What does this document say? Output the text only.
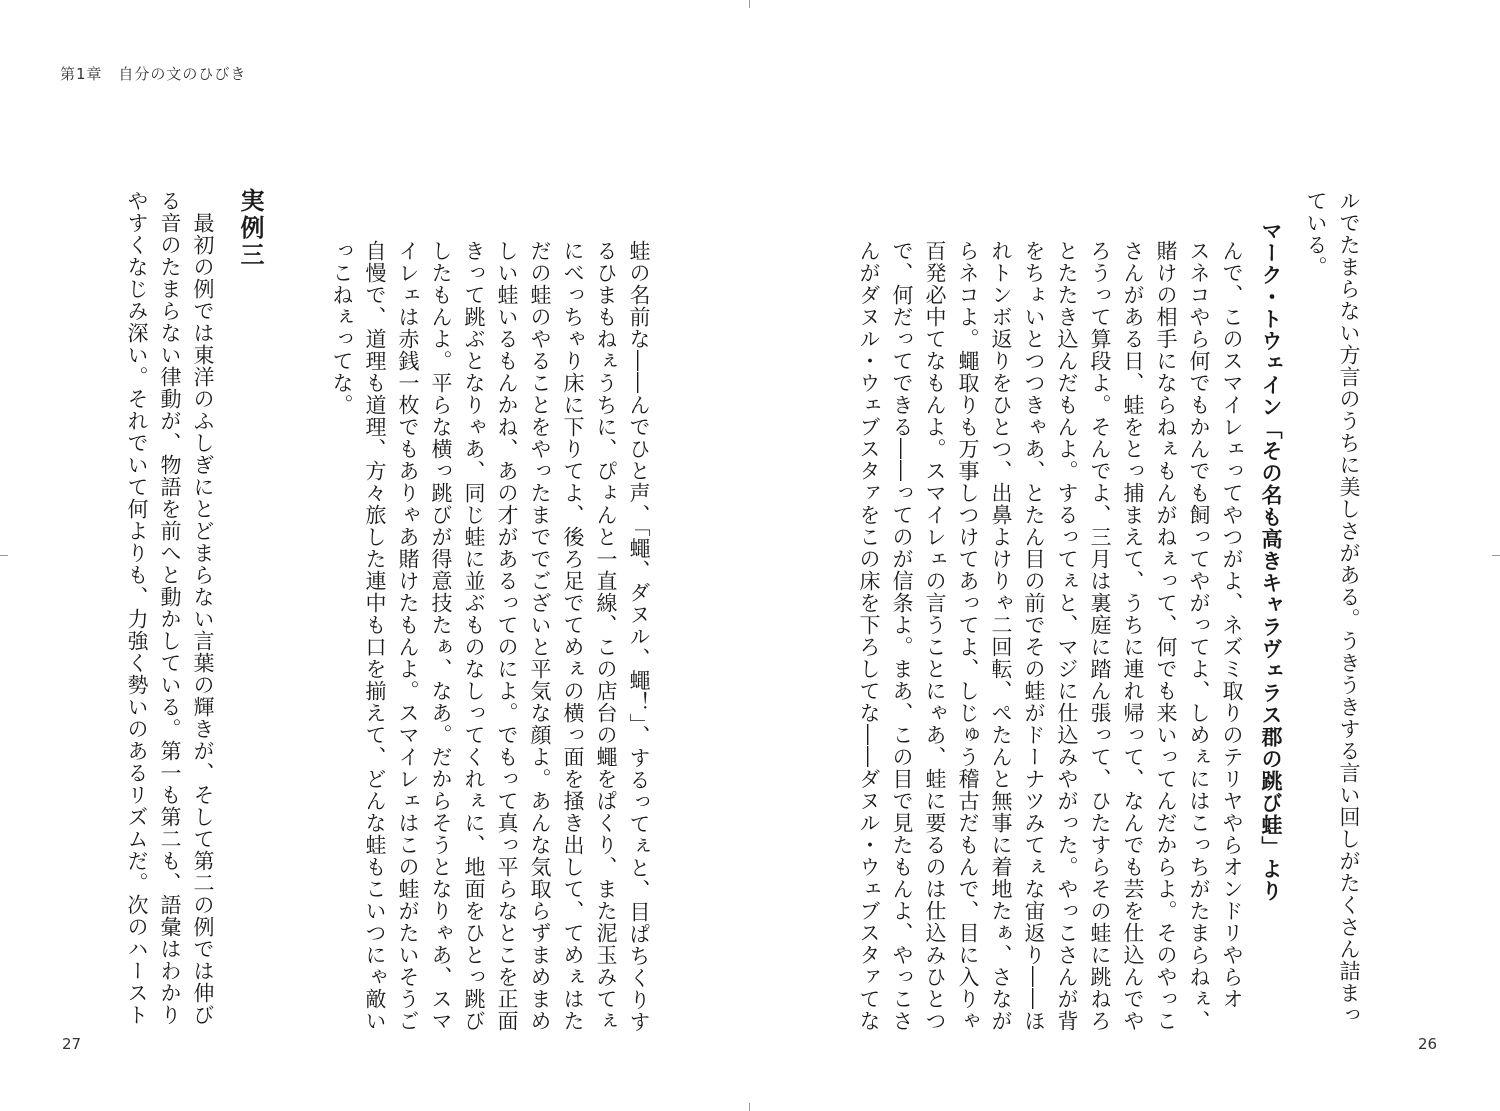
第1章 自分の文のひびき
ルでたまらない方言のうちに美しさがある。うきうきする言い回しがたくさん詰まっ
ている。
マーク・トウェイン「その名も高きキャラヴェラス郡の跳び蛙」より
んで、このスマイレェってやつがよ、ネズミ取りのテリヤやらオンドリやらオ
スネコやら何でもかんでも飼ってやがってよ、しめぇにはこっちがたまらねぇ、
賭けの相手にならねぇもんがねぇって、何でも来いってんだからよ。そのやっこ
さんがある日、蛙をとっ捕まえて、うちに連れ帰って、なんでも芸を仕込んでや
ろうって算段よ。そんでよ、三月は裏庭に踏ん張って、ひたすらその蛙に跳ねろ
とたたき込んだもんよ。するってぇと、マジに仕込みやがった。やっこさんが背
をちょいとつつきゃあ、とたん目の前でその蛙がドーナツみてぇな宙返り――ほ
れトンボ返りをひとつ、出鼻よけりゃ二回転、ぺたんと無事に着地たぁ、さなが
らネコよ。蠅取りも万事しつけてあってよ、しじゅう稽古だもんで、目に入りゃ
百発必中てなもんよ。スマイレェの言うことにゃあ、蛙に要るのは仕込みひとつ
で、何だってできる――ってのが信条よ。まあ、この目で見たもんよ、やっこさ
んがダヌル・ウェブスタァをこの床を下ろしてな――ダヌル・ウェブスタァてな
蛙の名前な――んでひと声、「蠅、ダヌル、蠅！」、するってぇと、目ぱちくりす
るひまもねぇうちに、ぴょんと一直線、この店台の蠅をぱくり、また泥玉みてぇ
にべっちゃり床に下りてよ、後ろ足でてめぇの横っ面を掻き出して、てめぇはた
だの蛙のやることをやったまででございと平気な顔よ。あんな気取らずまめまめ
しい蛙いるもんかね、あの才があるってのによ。でもって真っ平らなとこを正面
きって跳ぶとなりゃあ、同じ蛙に並ぶものなしってくれぇに、地面をひとっ跳び
したもんよ。平らな横っ跳びが得意技たぁ、なあ。だからそうとなりゃあ、スマ
イレェは赤銭一枚でもありゃあ賭けたもんよ。スマイレェはこの蛙がたいそうご
自慢で、道理も道理、方々旅した連中も口を揃えて、どんな蛙もこいつにゃ敵い
っこねぇってな。
実例三
　最初の例では東洋のふしぎにとどまらない言葉の輝きが、そして第二の例では伸び
る音のたまらない律動が、物語を前へと動かしている。第一も第二も、語彙はわかり
やすくなじみ深い。それでいて何よりも、力強く勢いのあるリズムだ。次のハースト
27	26
